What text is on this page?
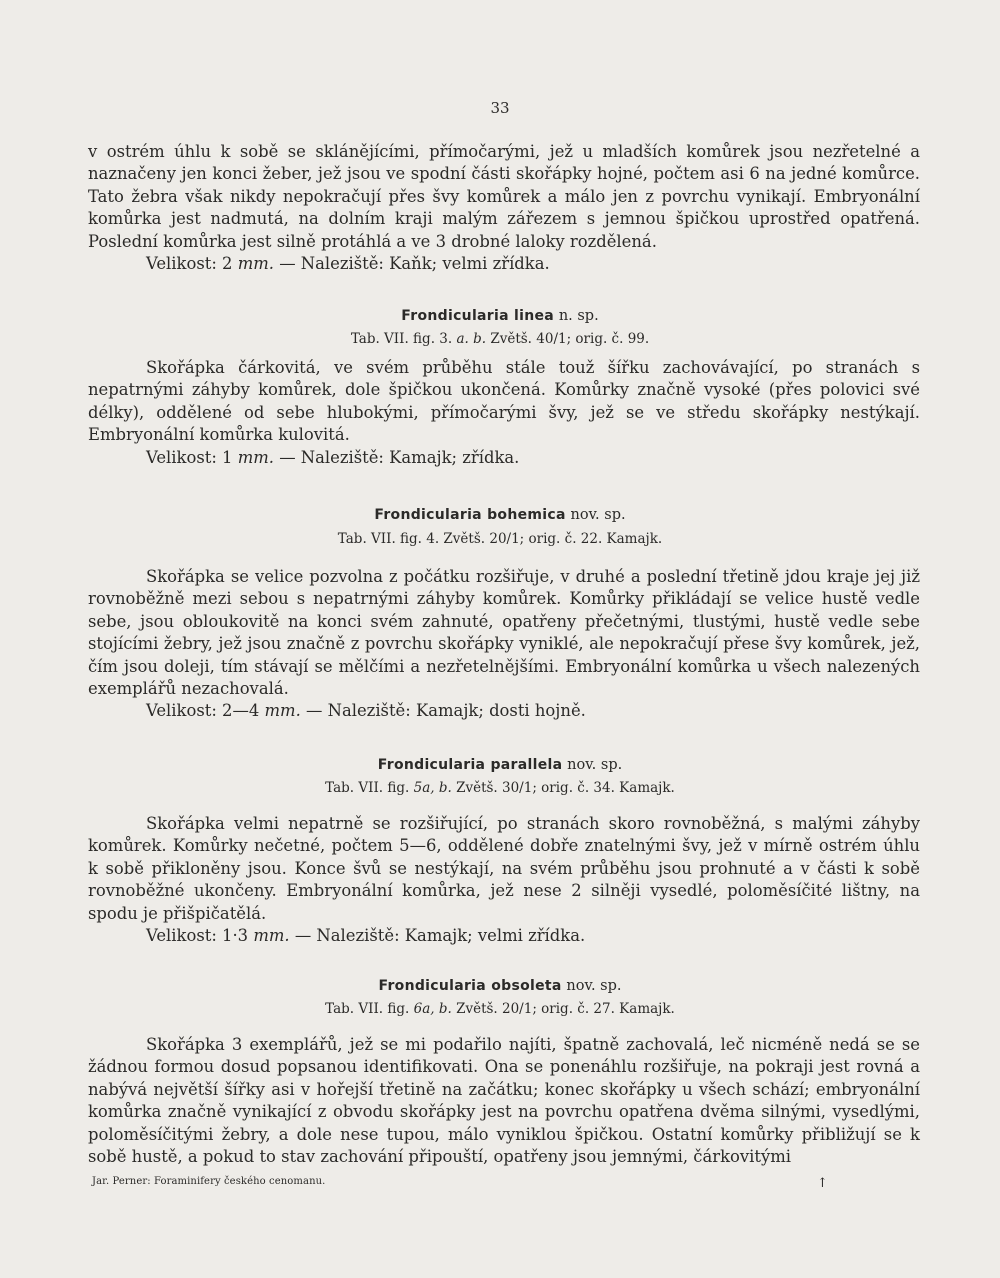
33

v ostrém úhlu k sobě se sklánějícími, přímočarými, jež u mladších komůrek jsou nezřetelné a naznačeny jen konci žeber, jež jsou ve spodní části skořápky hojné, počtem asi 6 na jedné komůrce. Tato žebra však nikdy nepokračují přes švy komůrek a málo jen z povrchu vynikají. Embryonální komůrka jest nadmutá, na dolním kraji malým zářezem s jemnou špičkou uprostřed opatřená. Poslední komůrka jest silně protáhlá a ve 3 drobné laloky rozdělená.

Velikost: 2 mm. — Naleziště: Kaňk; velmi zřídka.

Frondicularia linea n. sp.
Tab. VII. fig. 3. a. b. Zvětš. 40/1; orig. č. 99.

Skořápka čárkovitá, ve svém průběhu stále touž šířku zachovávající, po stranách s nepatrnými záhyby komůrek, dole špičkou ukončená. Komůrky značně vysoké (přes polovici své délky), oddělené od sebe hlubokými, přímočarými švy, jež se ve středu skořápky nestýkají. Embryonální komůrka kulovitá.

Velikost: 1 mm. — Naleziště: Kamajk; zřídka.

Frondicularia bohemica nov. sp.
Tab. VII. fig. 4. Zvětš. 20/1; orig. č. 22. Kamajk.

Skořápka se velice pozvolna z počátku rozšiřuje, v druhé a poslední třetině jdou kraje jej již rovnoběžně mezi sebou s nepatrnými záhyby komůrek. Komůrky přikládají se velice hustě vedle sebe, jsou obloukovitě na konci svém zahnuté, opatřeny přečetnými, tlustými, hustě vedle sebe stojícími žebry, jež jsou značně z povrchu skořápky vyniklé, ale nepokračují přese švy komůrek, jež, čím jsou doleji, tím stávají se mělčími a nezřetelnějšími. Embryonální komůrka u všech nalezených exemplářů nezachovalá.

Velikost: 2—4 mm. — Naleziště: Kamajk; dosti hojně.

Frondicularia parallela nov. sp.
Tab. VII. fig. 5a, b. Zvětš. 30/1; orig. č. 34. Kamajk.

Skořápka velmi nepatrně se rozšiřující, po stranách skoro rovnoběžná, s malými záhyby komůrek. Komůrky nečetné, počtem 5—6, oddělené dobře znatelnými švy, jež v mírně ostrém úhlu k sobě přikloněny jsou. Konce švů se nestýkají, na svém průběhu jsou prohnuté a v části k sobě rovnoběžné ukončeny. Embryonální komůrka, jež nese 2 silněji vysedlé, poloměsíčité lištny, na spodu je přišpičatělá.

Velikost: 1·3 mm. — Naleziště: Kamajk; velmi zřídka.

Frondicularia obsoleta nov. sp.
Tab. VII. fig. 6a, b. Zvětš. 20/1; orig. č. 27. Kamajk.

Skořápka 3 exemplářů, jež se mi podařilo najíti, špatně zachovalá, leč nicméně nedá se se žádnou formou dosud popsanou identifikovati. Ona se ponenáhlu rozšiřuje, na pokraji jest rovná a nabývá největší šířky asi v hořejší třetině na začátku; konec skořápky u všech schází; embryonální komůrka značně vynikající z obvodu skořápky jest na povrchu opatřena dvěma silnými, vysedlými, poloměsíčitými žebry, a dole nese tupou, málo vyniklou špičkou. Ostatní komůrky přibližují se k sobě hustě, a pokud to stav zachování připouští, opatřeny jsou jemnými, čárkovitými

Jar. Perner: Foraminifery českého cenomanu.	↑
